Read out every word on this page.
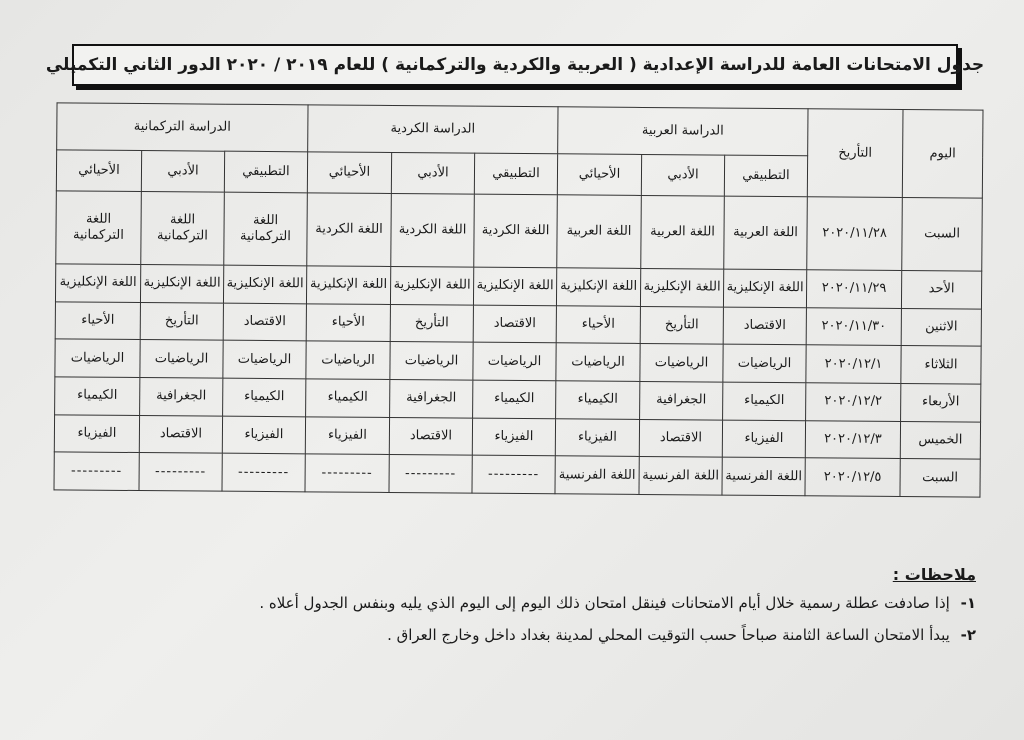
جدول الامتحانات العامة للدراسة الإعدادية ( العربية والكردية والتركمانية ) للعام ٢٠١٩ / ٢٠٢٠ الدور الثاني التكميلي
اليوم	التأريخ	الدراسة العربية			الدراسة الكردية			الدراسة التركمانية		
		التطبيقي	الأدبي	الأحيائي	التطبيقي	الأدبي	الأحيائي	التطبيقي	الأدبي	الأحيائي
السبت	٢٠٢٠/١١/٢٨	اللغة العربية	اللغة العربية	اللغة العربية	اللغة الكردية	اللغة الكردية	اللغة الكردية	اللغة التركمانية	اللغة التركمانية	اللغة التركمانية
الأحد	٢٠٢٠/١١/٢٩	اللغة الإنكليزية	اللغة الإنكليزية	اللغة الإنكليزية	اللغة الإنكليزية	اللغة الإنكليزية	اللغة الإنكليزية	اللغة الإنكليزية	اللغة الإنكليزية	اللغة الإنكليزية
الاثنين	٢٠٢٠/١١/٣٠	الاقتصاد	التأريخ	الأحياء	الاقتصاد	التأريخ	الأحياء	الاقتصاد	التأريخ	الأحياء
الثلاثاء	٢٠٢٠/١٢/١	الرياضيات	الرياضيات	الرياضيات	الرياضيات	الرياضيات	الرياضيات	الرياضيات	الرياضيات	الرياضيات
الأربعاء	٢٠٢٠/١٢/٢	الكيمياء	الجغرافية	الكيمياء	الكيمياء	الجغرافية	الكيمياء	الكيمياء	الجغرافية	الكيمياء
الخميس	٢٠٢٠/١٢/٣	الفيزياء	الاقتصاد	الفيزياء	الفيزياء	الاقتصاد	الفيزياء	الفيزياء	الاقتصاد	الفيزياء
السبت	٢٠٢٠/١٢/٥	اللغة الفرنسية	اللغة الفرنسية	اللغة الفرنسية	---------	---------	---------	---------	---------	---------
ملاحظات :
١- إذا صادفت عطلة رسمية خلال أيام الامتحانات فينقل امتحان ذلك اليوم إلى اليوم الذي يليه وبنفس الجدول أعلاه .
٢- يبدأ الامتحان الساعة الثامنة صباحاً حسب التوقيت المحلي لمدينة بغداد داخل وخارج العراق .
